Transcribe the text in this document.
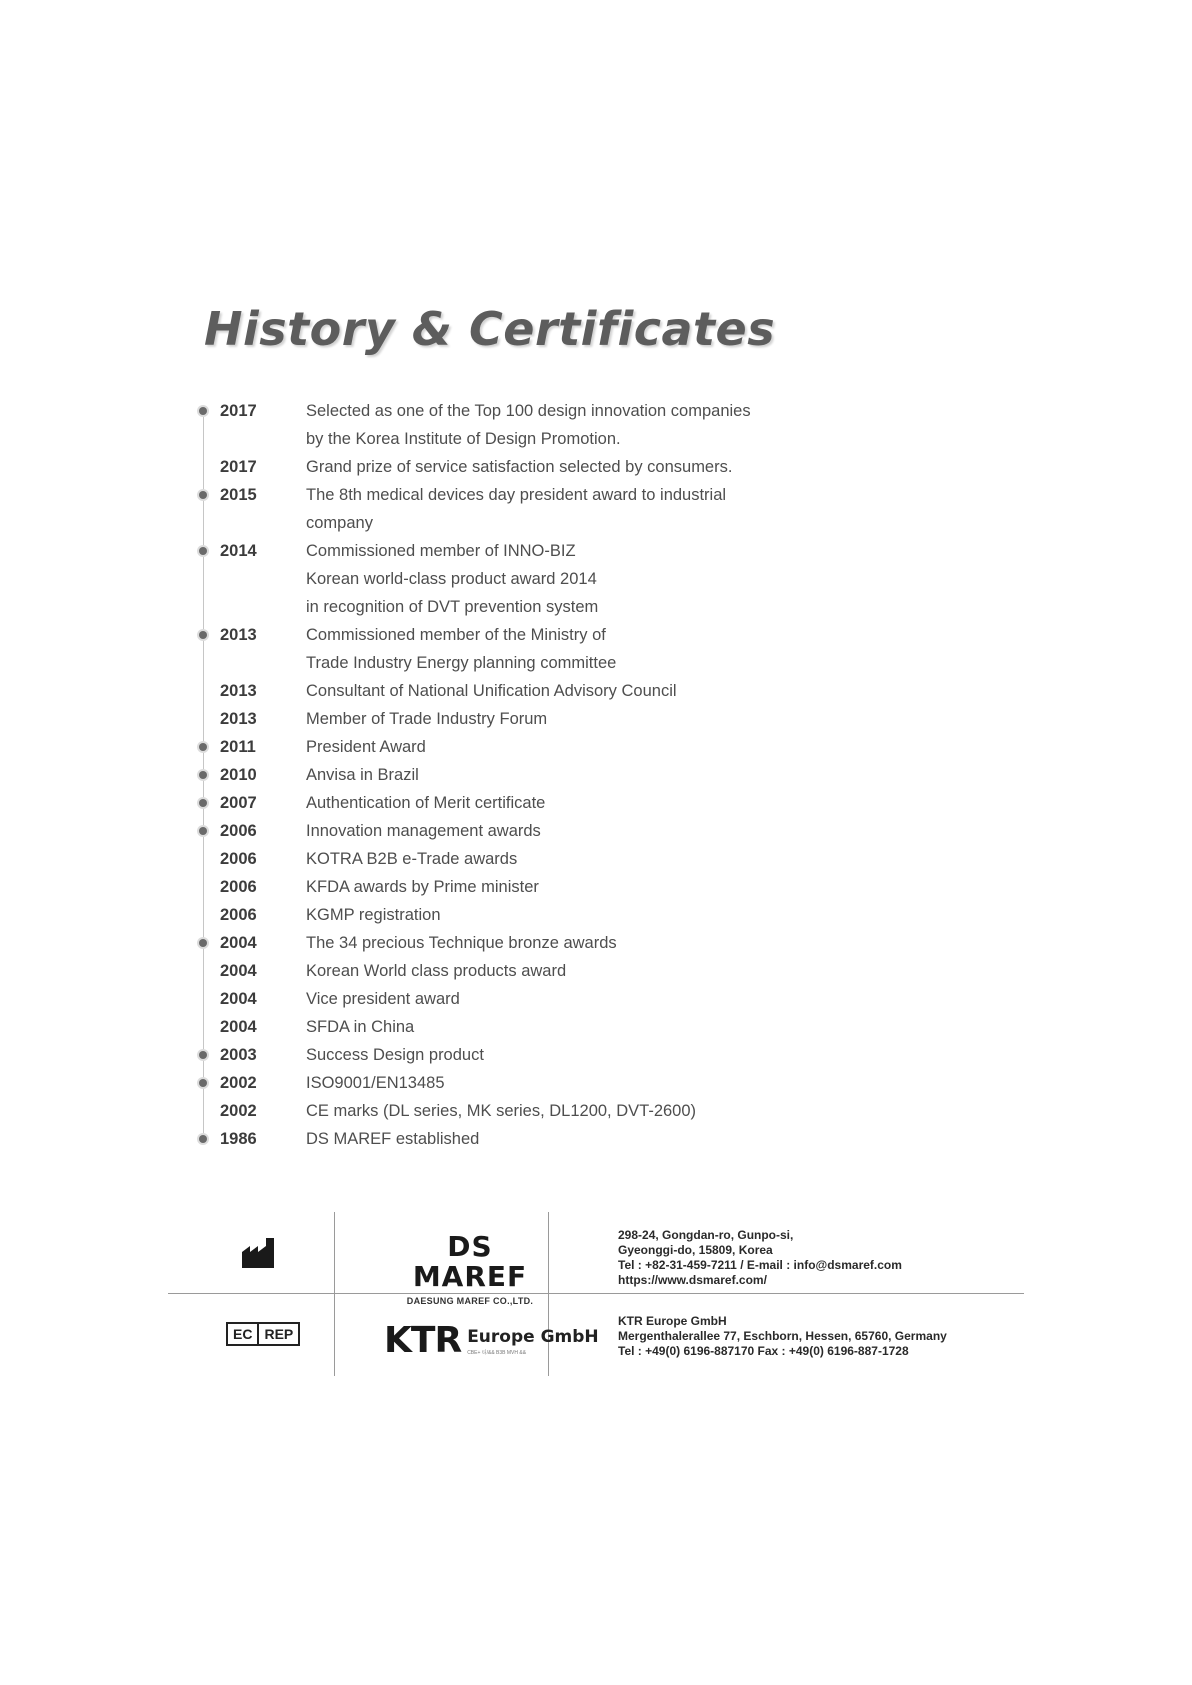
History & Certificates
2017	Selected as one of the Top 100 design innovation companies
by the Korea Institute of Design Promotion.
2017	Grand prize of service satisfaction selected by consumers.
2015	The 8th medical devices day president award to industrial
company
2014	Commissioned member of INNO-BIZ
Korean world-class product award 2014
in recognition of DVT prevention system
2013	Commissioned member of the Ministry of
Trade Industry Energy planning committee
2013	Consultant of National Unification Advisory Council
2013	Member of Trade Industry Forum
2011	President Award
2010	Anvisa in Brazil
2007	Authentication of Merit certificate
2006	Innovation management awards
2006	KOTRA B2B e-Trade awards
2006	KFDA awards by Prime minister
2006	KGMP registration
2004	The 34 precious Technique bronze awards
2004	Korean World class products award
2004	Vice president award
2004	SFDA in China
2003	Success Design product
2002	ISO9001/EN13485
2002	CE marks (DL series, MK series, DL1200, DVT-2600)
1986	DS MAREF established
DS MAREF
DAESUNG MAREF CO.,LTD.
298-24, Gongdan-ro, Gunpo-si,
Gyeonggi-do, 15809, Korea
Tel : +82-31-459-7211 / E-mail : info@dsmaref.com
https://www.dsmaref.com/
EC REP	KTR Europe GmbH
CBE+ 티/&& B3B MVH &&
KTR Europe GmbH
Mergenthalerallee 77, Eschborn, Hessen, 65760, Germany
Tel : +49(0) 6196-887170 Fax : +49(0) 6196-887-1728
